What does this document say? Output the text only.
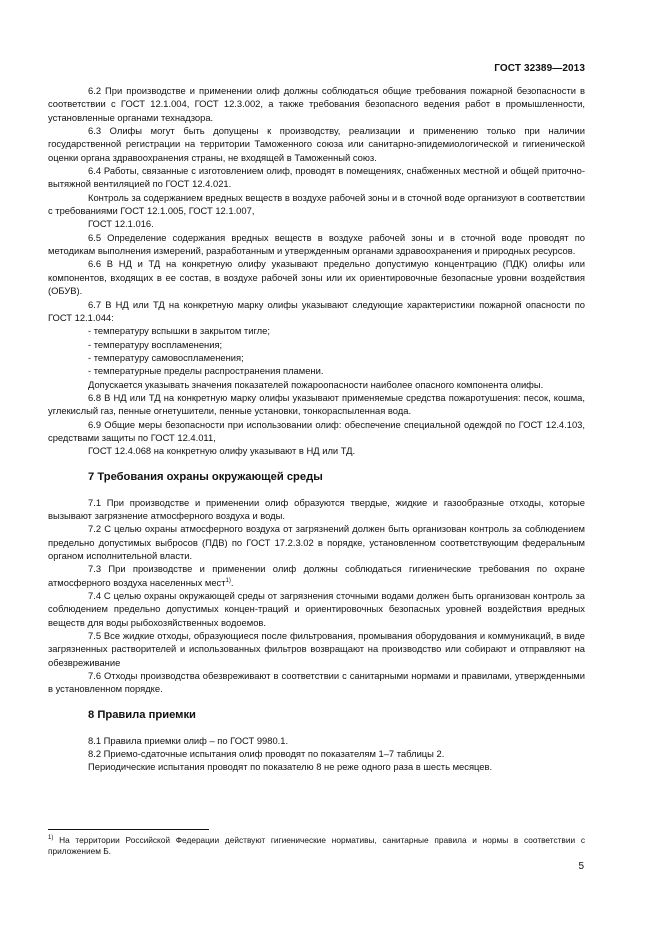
ГОСТ 32389—2013

6.2 При производстве и применении олиф должны соблюдаться общие требования пожарной безопасности в соответствии с ГОСТ 12.1.004, ГОСТ 12.3.002, а также требования безопасного ведения работ в промышленности, установленные органами технадзора.

6.3 Олифы могут быть допущены к производству, реализации и применению только при наличии государственной регистрации на территории Таможенного союза или санитарно-эпидемиологической и гигиенической оценки органа здравоохранения страны, не входящей в Таможенный союз.

6.4 Работы, связанные с изготовлением олиф, проводят в помещениях, снабженных местной и общей приточно-вытяжной вентиляцией по ГОСТ 12.4.021.

Контроль за содержанием вредных веществ в воздухе рабочей зоны и в сточной воде организуют в соответствии с требованиями ГОСТ 12.1.005, ГОСТ 12.1.007,

ГОСТ 12.1.016.

6.5 Определение содержания вредных веществ в воздухе рабочей зоны и в сточной воде проводят по методикам выполнения измерений, разработанным и утвержденным органами здравоохранения и природных ресурсов.

6.6 В НД и ТД на конкретную олифу указывают предельно допустимую концентрацию (ПДК) олифы или компонентов, входящих в ее состав, в воздухе рабочей зоны или их ориентировочные безопасные уровни воздействия (ОБУВ).

6.7 В НД или ТД на конкретную марку олифы указывают следующие характеристики пожарной опасности по ГОСТ 12.1.044:

- температуру вспышки в закрытом тигле;

- температуру воспламенения;

- температуру самовоспламенения;

- температурные пределы распространения пламени.

Допускается указывать значения показателей пожароопасности наиболее опасного компонента олифы.

6.8 В НД или ТД на конкретную марку олифы указывают применяемые средства пожаротушения: песок, кошма, углекислый газ, пенные огнетушители, пенные установки, тонкораспыленная вода.

6.9 Общие меры безопасности при использовании олиф: обеспечение специальной одеждой по ГОСТ 12.4.103, средствами защиты по ГОСТ 12.4.011,

ГОСТ 12.4.068 на конкретную олифу указывают в НД или ТД.

7 Требования охраны окружающей среды

7.1 При производстве и применении олиф образуются твердые, жидкие и газообразные отходы, которые вызывают загрязнение атмосферного воздуха и воды.

7.2 С целью охраны атмосферного воздуха от загрязнений должен быть организован контроль за соблюдением предельно допустимых выбросов (ПДВ) по ГОСТ 17.2.3.02 в порядке, установленном соответствующим федеральным органом исполнительной власти.

7.3 При производстве и применении олиф должны соблюдаться гигиенические требования по охране атмосферного воздуха населенных мест$^{1)}$.

7.4 С целью охраны окружающей среды от загрязнения сточными водами должен быть организован контроль за соблюдением предельно допустимых концен-траций и ориентировочных безопасных уровней воздействия вредных веществ для воды рыбохозяйственных водоемов.

7.5 Все жидкие отходы, образующиеся после фильтрования, промывания оборудования и коммуникаций, в виде загрязненных растворителей и использованных фильтров возвращают на производство или собирают и отправляют на обезвреживание

7.6 Отходы производства обезвреживают в соответствии с санитарными нормами и правилами, утвержденными в установленном порядке.

8 Правила приемки

8.1 Правила приемки олиф – по ГОСТ 9980.1.

8.2 Приемо-сдаточные испытания олиф проводят по показателям 1–7 таблицы 2.

Периодические испытания проводят по показателю 8 не реже одного раза в шесть месяцев.

$^{1)}$ На территории Российской Федерации действуют гигиенические нормативы, санитарные правила и нормы в соответствии с приложением Б.
5
